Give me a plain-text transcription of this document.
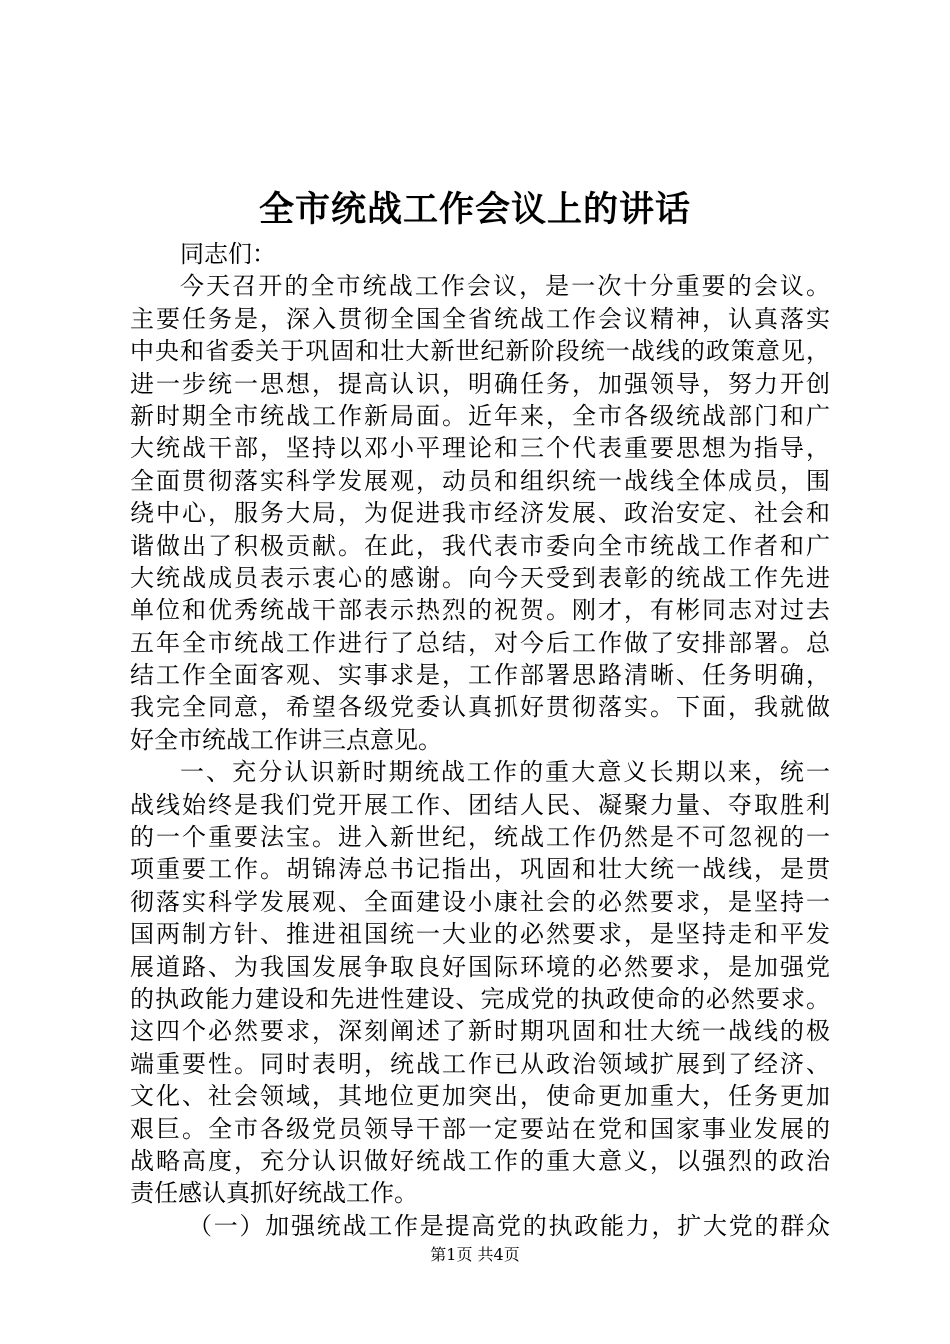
全市统战工作会议上的讲话
同志们：
今天召开的全市统战工作会议，是一次十分重要的会议。
主要任务是，深入贯彻全国全省统战工作会议精神，认真落实
中央和省委关于巩固和壮大新世纪新阶段统一战线的政策意见，
进一步统一思想，提高认识，明确任务，加强领导，努力开创
新时期全市统战工作新局面。近年来，全市各级统战部门和广
大统战干部，坚持以邓小平理论和三个代表重要思想为指导，
全面贯彻落实科学发展观，动员和组织统一战线全体成员，围
绕中心，服务大局，为促进我市经济发展、政治安定、社会和
谐做出了积极贡献。在此，我代表市委向全市统战工作者和广
大统战成员表示衷心的感谢。向今天受到表彰的统战工作先进
单位和优秀统战干部表示热烈的祝贺。刚才，有彬同志对过去
五年全市统战工作进行了总结，对今后工作做了安排部署。总
结工作全面客观、实事求是，工作部署思路清晰、任务明确，
我完全同意，希望各级党委认真抓好贯彻落实。下面，我就做
好全市统战工作讲三点意见。
一、充分认识新时期统战工作的重大意义长期以来，统一
战线始终是我们党开展工作、团结人民、凝聚力量、夺取胜利
的一个重要法宝。进入新世纪，统战工作仍然是不可忽视的一
项重要工作。胡锦涛总书记指出，巩固和壮大统一战线，是贯
彻落实科学发展观、全面建设小康社会的必然要求，是坚持一
国两制方针、推进祖国统一大业的必然要求，是坚持走和平发
展道路、为我国发展争取良好国际环境的必然要求，是加强党
的执政能力建设和先进性建设、完成党的执政使命的必然要求。
这四个必然要求，深刻阐述了新时期巩固和壮大统一战线的极
端重要性。同时表明，统战工作已从政治领域扩展到了经济、
文化、社会领域，其地位更加突出，使命更加重大，任务更加
艰巨。全市各级党员领导干部一定要站在党和国家事业发展的
战略高度，充分认识做好统战工作的重大意义，以强烈的政治
责任感认真抓好统战工作。
（一）加强统战工作是提高党的执政能力，扩大党的群众
第1页 共4页
